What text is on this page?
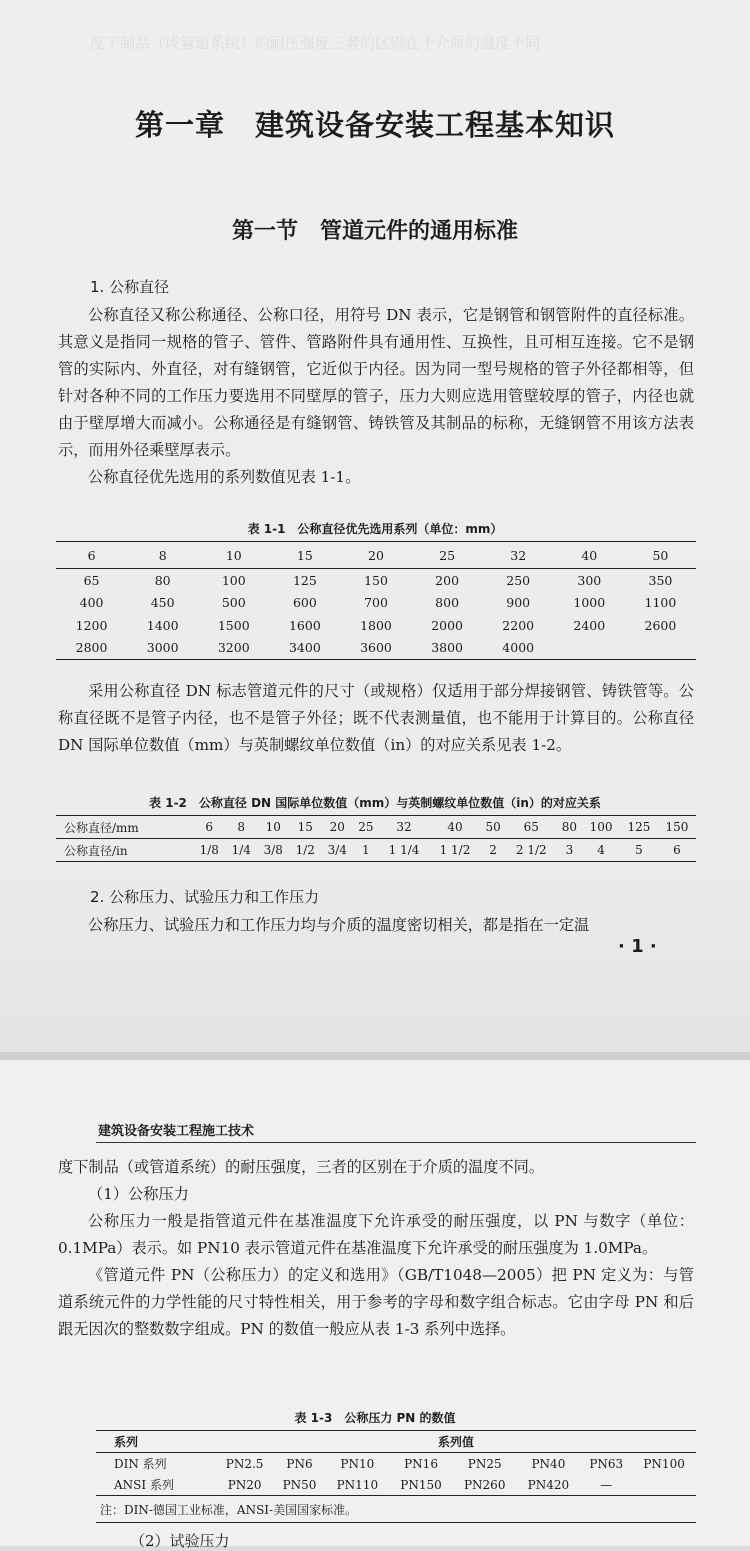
度下制品（或管道系统）的耐压强度三者的区别在于介质的温度不同
第一章　建筑设备安装工程基本知识
第一节　管道元件的通用标准
1. 公称直径

公称直径又称公称通径、公称口径，用符号 DN 表示，它是钢管和钢管附件的直径标准。其意义是指同一规格的管子、管件、管路附件具有通用性、互换性，且可相互连接。它不是钢管的实际内、外直径，对有缝钢管，它近似于内径。因为同一型号规格的管子外径都相等，但针对各种不同的工作压力要选用不同壁厚的管子，压力大则应选用管壁较厚的管子，内径也就由于壁厚增大而减小。公称通径是有缝钢管、铸铁管及其制品的标称，无缝钢管不用该方法表示，而用外径乘壁厚表示。

公称直径优先选用的系列数值见表 1-1。

表 1-1　公称直径优先选用系列（单位：mm）
6	8	10	15	20	25	32	40	50
65	80	100	125	150	200	250	300	350
400	450	500	600	700	800	900	1000	1100
1200	1400	1500	1600	1800	2000	2200	2400	2600
2800	3000	3200	3400	3600	3800	4000		

采用公称直径 DN 标志管道元件的尺寸（或规格）仅适用于部分焊接钢管、铸铁管等。公称直径既不是管子内径，也不是管子外径；既不代表测量值，也不能用于计算目的。公称直径 DN 国际单位数值（mm）与英制螺纹单位数值（in）的对应关系见表 1-2。

表 1-2　公称直径 DN 国际单位数值（mm）与英制螺纹单位数值（in）的对应关系
公称直径/mm	6	8	10	15	20	25	32	40	50	65	80	100	125	150
公称直径/in	1/8	1/4	3/8	1/2	3/4	1	1 1/4	1 1/2	2	2 1/2	3	4	5	6
2. 公称压力、试验压力和工作压力

公称压力、试验压力和工作压力均与介质的温度密切相关，都是指在一定温

· 1 ·
建筑设备安装工程施工技术

度下制品（或管道系统）的耐压强度，三者的区别在于介质的温度不同。

（1）公称压力

公称压力一般是指管道元件在基准温度下允许承受的耐压强度，以 PN 与数字（单位：0.1MPa）表示。如 PN10 表示管道元件在基准温度下允许承受的耐压强度为 1.0MPa。

《管道元件 PN（公称压力）的定义和选用》（GB/T1048—2005）把 PN 定义为：与管道系统元件的力学性能的尺寸特性相关，用于参考的字母和数字组合标志。它由字母 PN 和后跟无因次的整数数字组成。PN 的数值一般应从表 1-3 系列中选择。

表 1-3　公称压力 PN 的数值
系列	系列值							
DIN 系列	PN2.5	PN6	PN10	PN16	PN25	PN40	PN63	PN100
ANSI 系列	PN20	PN50	PN110	PN150	PN260	PN420	—	
注：DIN-德国工业标准，ANSI-美国国家标准。								
（2）试验压力
